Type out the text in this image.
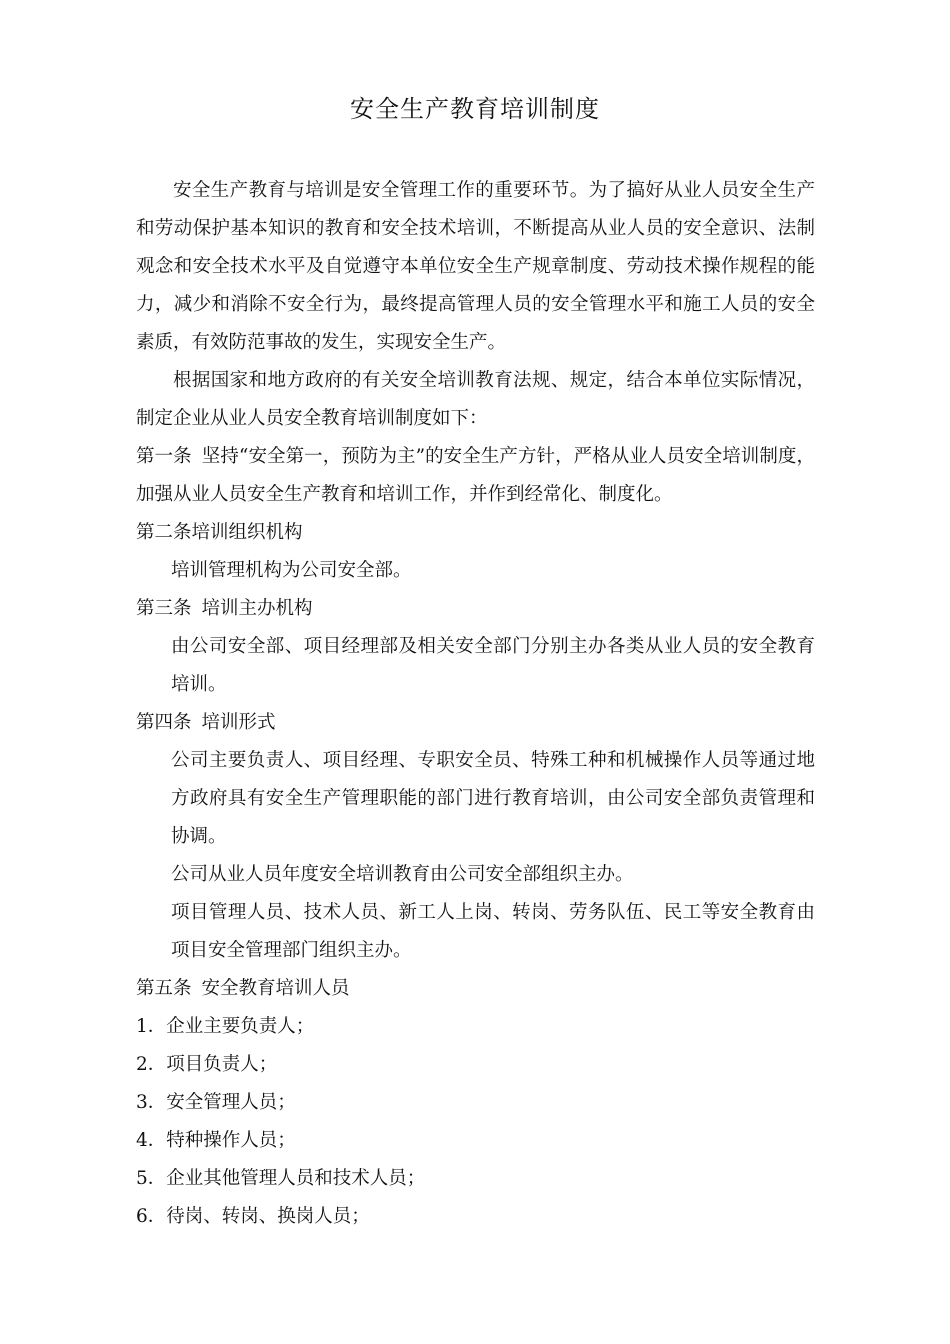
安全生产教育培训制度

安全生产教育与培训是安全管理工作的重要环节。为了搞好从业人员安全生产和劳动保护基本知识的教育和安全技术培训，不断提高从业人员的安全意识、法制观念和安全技术水平及自觉遵守本单位安全生产规章制度、劳动技术操作规程的能力，减少和消除不安全行为，最终提高管理人员的安全管理水平和施工人员的安全素质，有效防范事故的发生，实现安全生产。

根据国家和地方政府的有关安全培训教育法规、规定，结合本单位实际情况，制定企业从业人员安全教育培训制度如下：

第一条 坚持“安全第一，预防为主”的安全生产方针，严格从业人员安全培训制度，加强从业人员安全生产教育和培训工作，并作到经常化、制度化。

第二条培训组织机构

培训管理机构为公司安全部。

第三条 培训主办机构

由公司安全部、项目经理部及相关安全部门分别主办各类从业人员的安全教育培训。

第四条 培训形式

公司主要负责人、项目经理、专职安全员、特殊工种和机械操作人员等通过地方政府具有安全生产管理职能的部门进行教育培训，由公司安全部负责管理和协调。

公司从业人员年度安全培训教育由公司安全部组织主办。

项目管理人员、技术人员、新工人上岗、转岗、劳务队伍、民工等安全教育由项目安全管理部门组织主办。

第五条 安全教育培训人员

1．企业主要负责人；

2．项目负责人；

3．安全管理人员；

4．特种操作人员；

5．企业其他管理人员和技术人员；

6．待岗、转岗、换岗人员；
